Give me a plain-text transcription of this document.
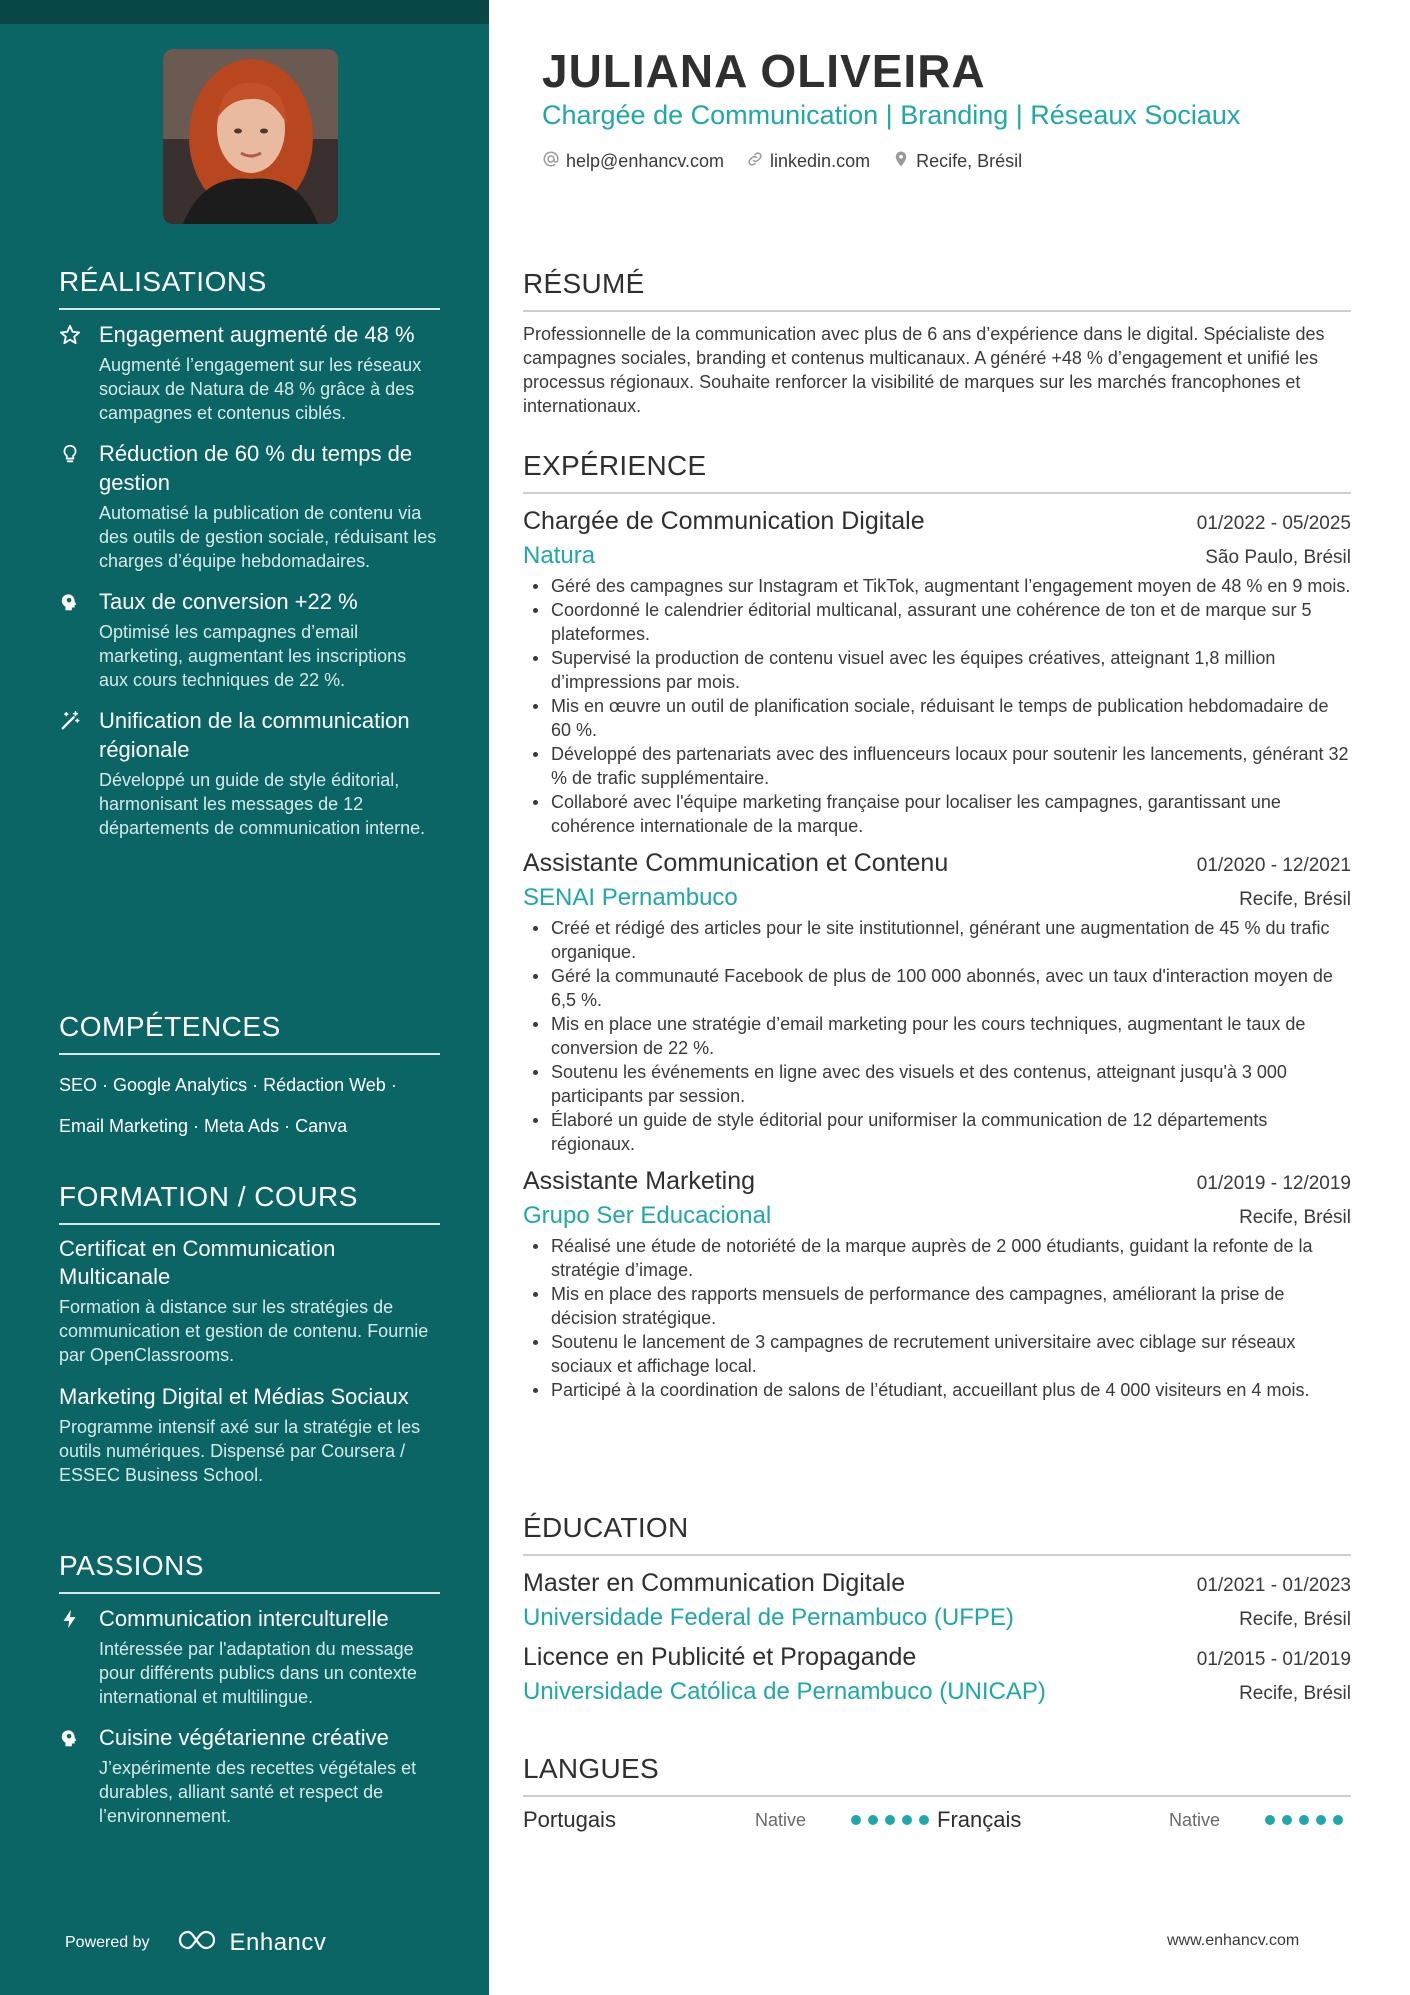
RÉALISATIONS
Engagement augmenté de 48 %
Augmenté l’engagement sur les réseaux sociaux de Natura de 48 % grâce à des campagnes et contenus ciblés.
Réduction de 60 % du temps de gestion
Automatisé la publication de contenu via des outils de gestion sociale, réduisant les charges d’équipe hebdomadaires.
Taux de conversion +22 %
Optimisé les campagnes d’email marketing, augmentant les inscriptions aux cours techniques de 22 %.
Unification de la communication régionale
Développé un guide de style éditorial, harmonisant les messages de 12 départements de communication interne.
COMPÉTENCES
SEO · Google Analytics · Rédaction Web ·
Email Marketing · Meta Ads · Canva
FORMATION / COURS
Certificat en Communication Multicanale
Formation à distance sur les stratégies de communication et gestion de contenu. Fournie par OpenClassrooms.
Marketing Digital et Médias Sociaux
Programme intensif axé sur la stratégie et les outils numériques. Dispensé par Coursera / ESSEC Business School.
PASSIONS
Communication interculturelle
Intéressée par l'adaptation du message pour différents publics dans un contexte international et multilingue.
Cuisine végétarienne créative
J’expérimente des recettes végétales et durables, alliant santé et respect de l’environnement.
Powered by	Enhancv
JULIANA OLIVEIRA
Chargée de Communication | Branding | Réseaux Sociaux
help@enhancv.com	linkedin.com	Recife, Brésil
RÉSUMÉ
Professionnelle de la communication avec plus de 6 ans d’expérience dans le digital. Spécialiste des campagnes sociales, branding et contenus multicanaux. A généré +48 % d’engagement et unifié les processus régionaux. Souhaite renforcer la visibilité de marques sur les marchés francophones et internationaux.
EXPÉRIENCE
Chargée de Communication Digitale	01/2022 - 05/2025
Natura	São Paulo, Brésil
Géré des campagnes sur Instagram et TikTok, augmentant l’engagement moyen de 48 % en 9 mois.
Coordonné le calendrier éditorial multicanal, assurant une cohérence de ton et de marque sur 5 plateformes.
Supervisé la production de contenu visuel avec les équipes créatives, atteignant 1,8 million d’impressions par mois.
Mis en œuvre un outil de planification sociale, réduisant le temps de publication hebdomadaire de 60 %.
Développé des partenariats avec des influenceurs locaux pour soutenir les lancements, générant 32 % de trafic supplémentaire.
Collaboré avec l'équipe marketing française pour localiser les campagnes, garantissant une cohérence internationale de la marque.
Assistante Communication et Contenu	01/2020 - 12/2021
SENAI Pernambuco	Recife, Brésil
Créé et rédigé des articles pour le site institutionnel, générant une augmentation de 45 % du trafic organique.
Géré la communauté Facebook de plus de 100 000 abonnés, avec un taux d'interaction moyen de 6,5 %.
Mis en place une stratégie d’email marketing pour les cours techniques, augmentant le taux de conversion de 22 %.
Soutenu les événements en ligne avec des visuels et des contenus, atteignant jusqu'à 3 000 participants par session.
Élaboré un guide de style éditorial pour uniformiser la communication de 12 départements régionaux.
Assistante Marketing	01/2019 - 12/2019
Grupo Ser Educacional	Recife, Brésil
Réalisé une étude de notoriété de la marque auprès de 2 000 étudiants, guidant la refonte de la stratégie d’image.
Mis en place des rapports mensuels de performance des campagnes, améliorant la prise de décision stratégique.
Soutenu le lancement de 3 campagnes de recrutement universitaire avec ciblage sur réseaux sociaux et affichage local.
Participé à la coordination de salons de l’étudiant, accueillant plus de 4 000 visiteurs en 4 mois.
ÉDUCATION
Master en Communication Digitale	01/2021 - 01/2023
Universidade Federal de Pernambuco (UFPE)	Recife, Brésil
Licence en Publicité et Propagande	01/2015 - 01/2019
Universidade Católica de Pernambuco (UNICAP)	Recife, Brésil
LANGUES
Portugais	Native	Français	Native
www.enhancv.com
